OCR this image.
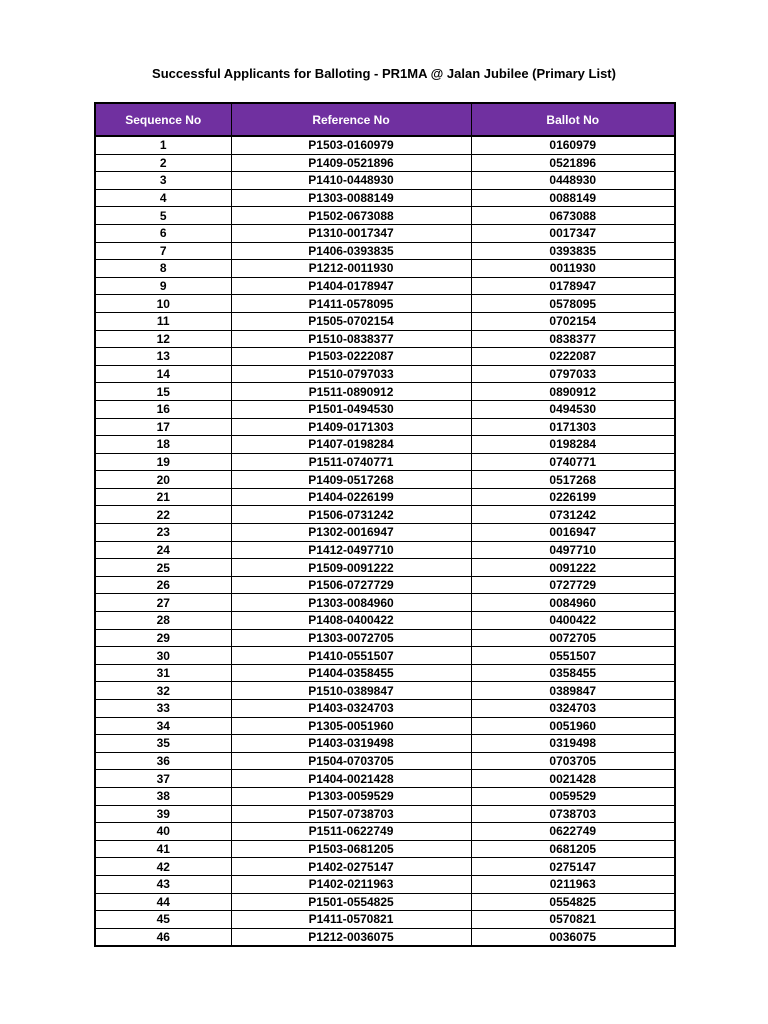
Successful Applicants for Balloting - PR1MA @ Jalan Jubilee (Primary List)
Sequence No	Reference No	Ballot No
1	P1503-0160979	0160979
2	P1409-0521896	0521896
3	P1410-0448930	0448930
4	P1303-0088149	0088149
5	P1502-0673088	0673088
6	P1310-0017347	0017347
7	P1406-0393835	0393835
8	P1212-0011930	0011930
9	P1404-0178947	0178947
10	P1411-0578095	0578095
11	P1505-0702154	0702154
12	P1510-0838377	0838377
13	P1503-0222087	0222087
14	P1510-0797033	0797033
15	P1511-0890912	0890912
16	P1501-0494530	0494530
17	P1409-0171303	0171303
18	P1407-0198284	0198284
19	P1511-0740771	0740771
20	P1409-0517268	0517268
21	P1404-0226199	0226199
22	P1506-0731242	0731242
23	P1302-0016947	0016947
24	P1412-0497710	0497710
25	P1509-0091222	0091222
26	P1506-0727729	0727729
27	P1303-0084960	0084960
28	P1408-0400422	0400422
29	P1303-0072705	0072705
30	P1410-0551507	0551507
31	P1404-0358455	0358455
32	P1510-0389847	0389847
33	P1403-0324703	0324703
34	P1305-0051960	0051960
35	P1403-0319498	0319498
36	P1504-0703705	0703705
37	P1404-0021428	0021428
38	P1303-0059529	0059529
39	P1507-0738703	0738703
40	P1511-0622749	0622749
41	P1503-0681205	0681205
42	P1402-0275147	0275147
43	P1402-0211963	0211963
44	P1501-0554825	0554825
45	P1411-0570821	0570821
46	P1212-0036075	0036075
